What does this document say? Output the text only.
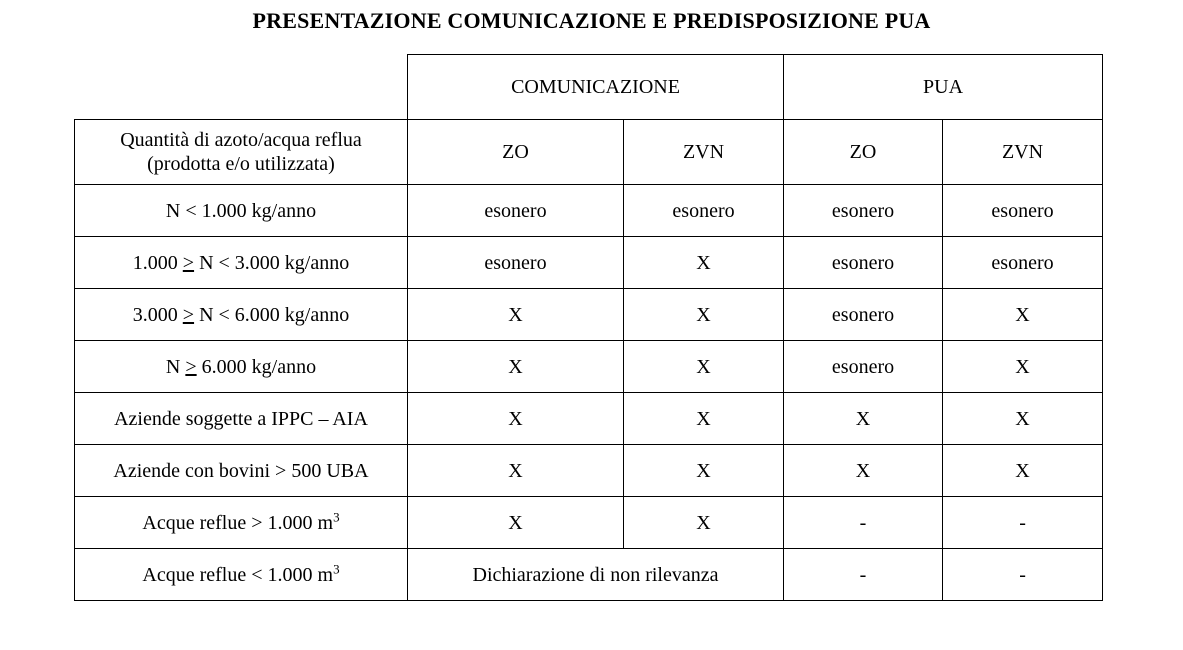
PRESENTAZIONE COMUNICAZIONE E PREDISPOSIZIONE PUA
	COMUNICAZIONE		PUA	
Quantità di azoto/acqua reflua
(prodotta e/o utilizzata)	ZO	ZVN	ZO	ZVN
N < 1.000 kg/anno	esonero	esonero	esonero	esonero
1.000 ≥ N < 3.000 kg/anno	esonero	X	esonero	esonero
3.000 ≥ N < 6.000 kg/anno	X	X	esonero	X
N ≥ 6.000 kg/anno	X	X	esonero	X
Aziende soggette a IPPC – AIA	X	X	X	X
Aziende con bovini > 500 UBA	X	X	X	X
Acque reflue > 1.000 $m^3$	X	X	-	-
Acque reflue < 1.000 $m^3$	Dichiarazione di non rilevanza		-	-
